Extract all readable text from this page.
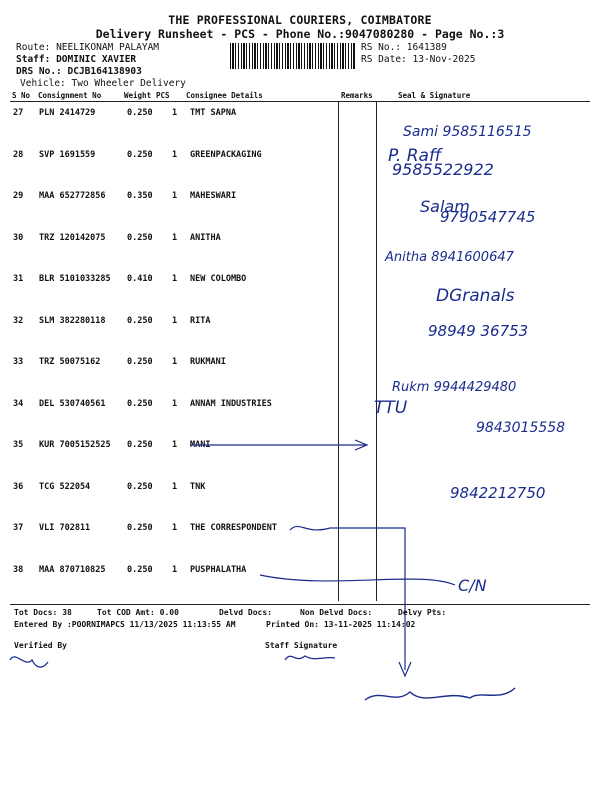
THE PROFESSIONAL COURIERS, COIMBATORE
Delivery Runsheet - PCS - Phone No.:9047080280 - Page No.:3
Route: NEELIKONAM PALAYAM
Staff: DOMINIC XAVIER
DRS No.: DCJB164138903
Vehicle: Two Wheeler Delivery
RS No.: 1641389
RS Date: 13-Nov-2025
S No Consignment No	Weight PCS Consignee Details	Remarks	Seal & Signature
27 PLN 2414729	0.250 1 TMT SAPNA
28 SVP 1691559	0.250 1 GREENPACKAGING
29 MAA 652772856	0.350 1 MAHESWARI
30 TRZ 120142075	0.250 1 ANITHA
31 BLR 5101033285 0.410 1 NEW COLOMBO
32 SLM 382280118	0.250 1 RITA
33 TRZ 50075162	0.250 1 RUKMANI
34 DEL 530740561	0.250 1 ANNAM INDUSTRIES
35 KUR 7005152525 0.250 1 MANI
36 TCG 522054	0.250 1 TNK
37 VLI 702811	0.250 1 THE CORRESPONDENT
38 MAA 870710825	0.250 1 PUSPHALATHA
Sami 9585116515
P. Raff
9585522922
Salam
9790547745
Anitha 8941600647
DGranals
98949 36753
Rukm 9944429480
TTU
9843015558
9842212750
C/N
Tot Docs: 38	Tot COD Amt: 0.00	Delvd Docs:	Non Delvd Docs:	Delvy Pts:
Entered By :POORNIMAPCS 11/13/2025 11:13:55 AM	Printed On: 13-11-2025 11:14:02
Verified By	Staff Signature
